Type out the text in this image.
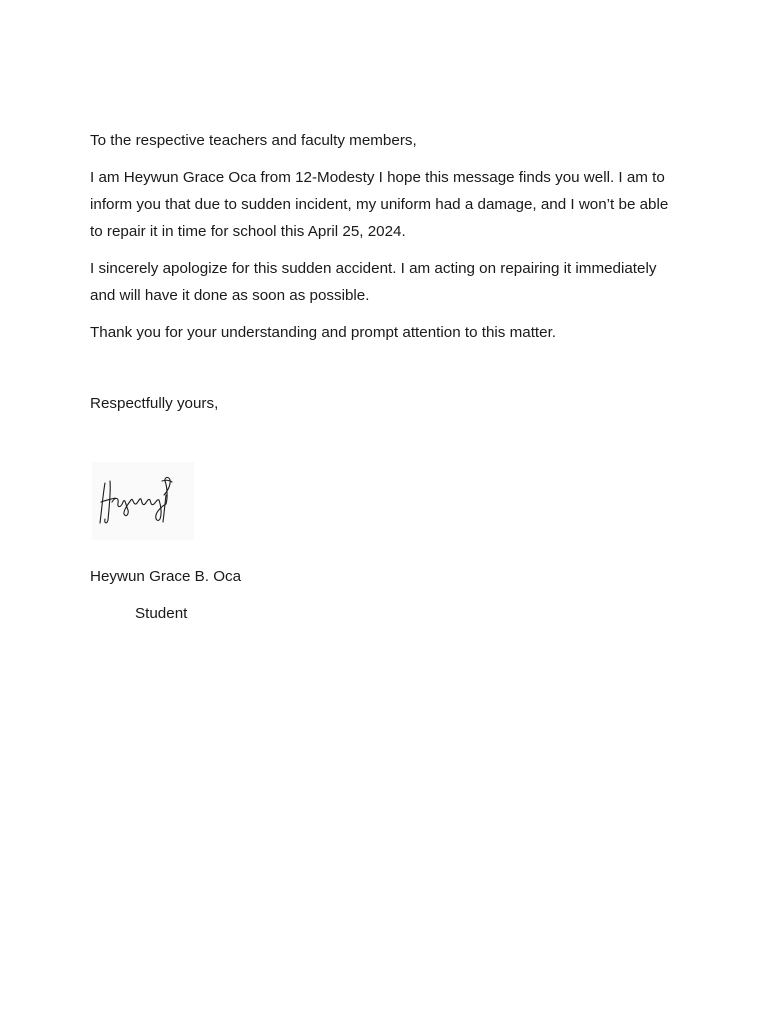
To the respective teachers and faculty members,

I am Heywun Grace Oca from 12-Modesty I hope this message finds you well. I am to inform you that due to sudden incident, my uniform had a damage, and I won’t be able to repair it in time for school this April 25, 2024.

I sincerely apologize for this sudden accident. I am acting on repairing it immediately and will have it done as soon as possible.

Thank you for your understanding and prompt attention to this matter.

Respectfully yours,

Heywun Grace B. Oca

Student
